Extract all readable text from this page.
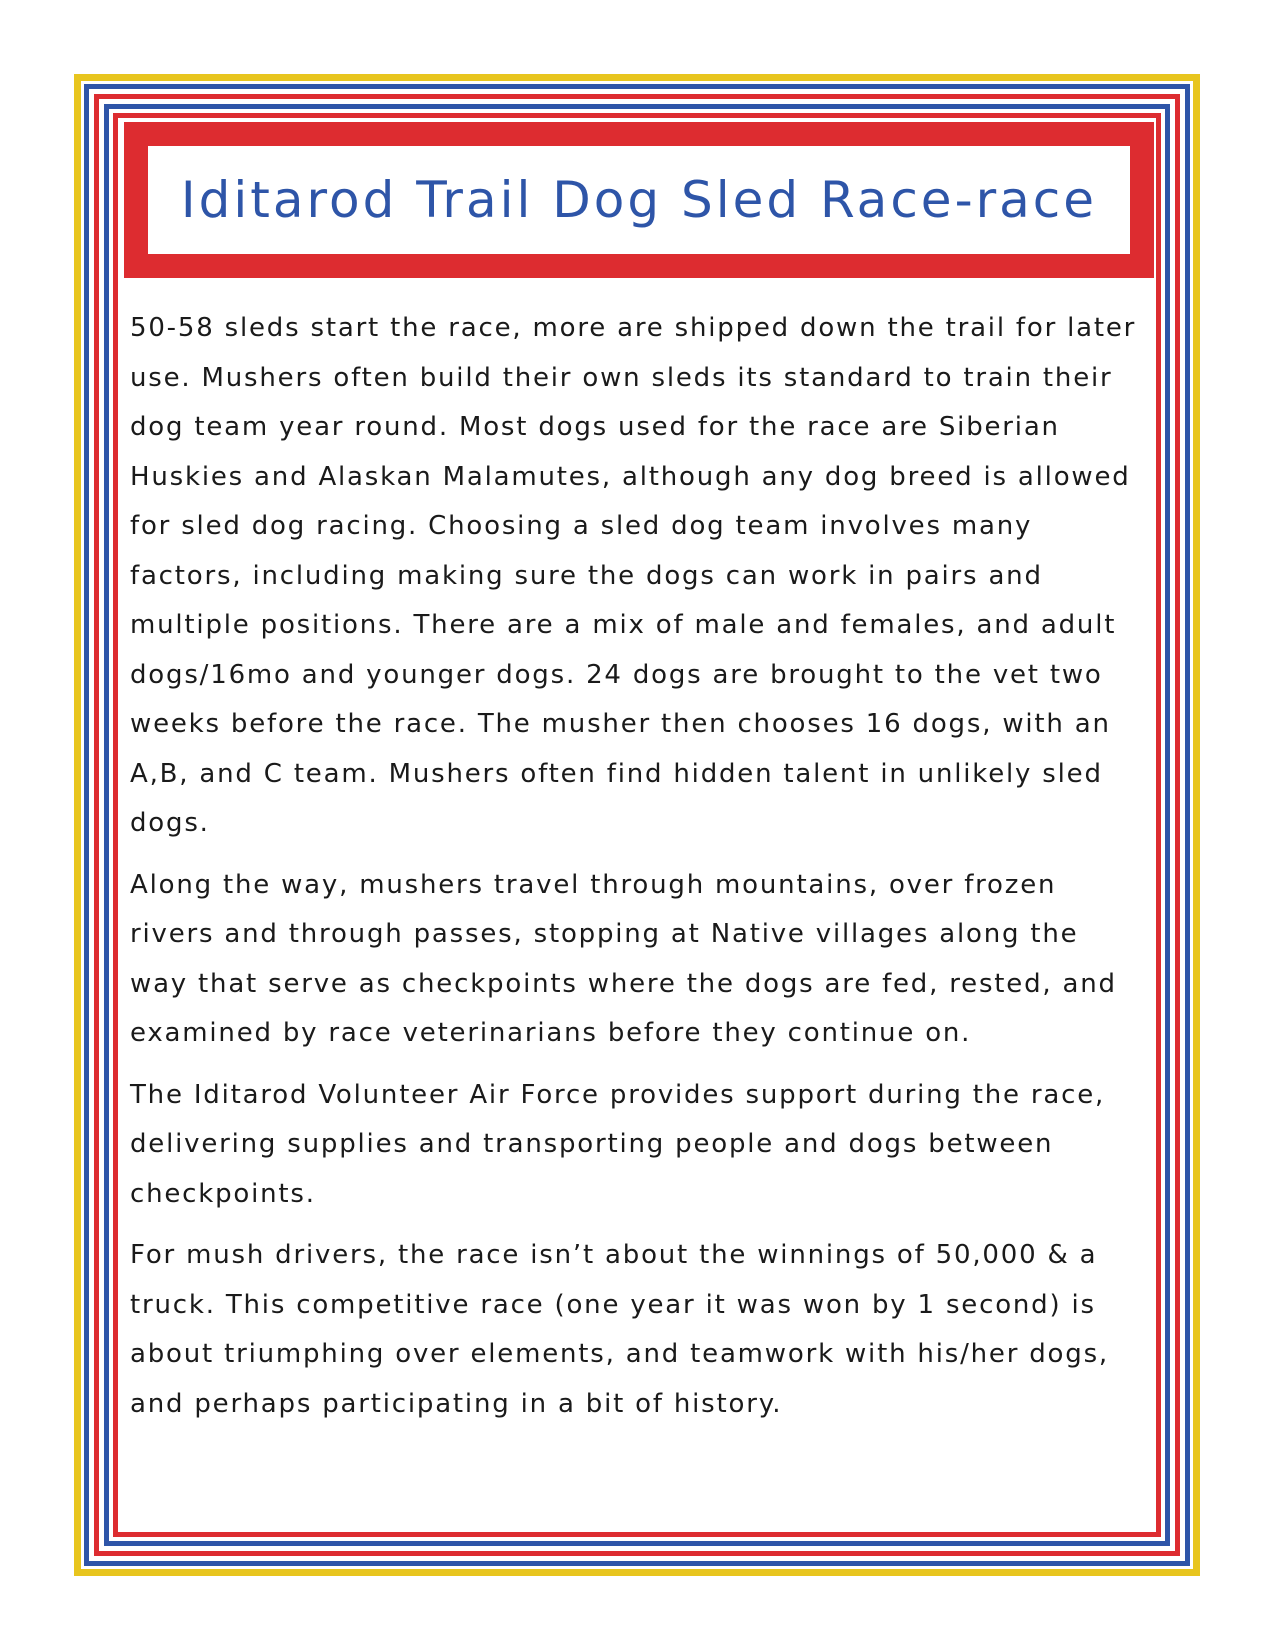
Iditarod Trail Dog Sled Race-race

50-58 sleds start the race, more are shipped down the trail for later use. Mushers often build their own sleds its standard to train their dog team year round. Most dogs used for the race are Siberian Huskies and Alaskan Malamutes, although any dog breed is allowed for sled dog racing. Choosing a sled dog team involves many factors, including making sure the dogs can work in pairs and multiple positions. There are a mix of male and females, and adult dogs/16mo and younger dogs. 24 dogs are brought to the vet two weeks before the race. The musher then chooses 16 dogs, with an A,B, and C team. Mushers often find hidden talent in unlikely sled dogs.

Along the way, mushers travel through mountains, over frozen rivers and through passes, stopping at Native villages along the way that serve as checkpoints where the dogs are fed, rested, and examined by race veterinarians before they continue on.

The Iditarod Volunteer Air Force provides support during the race, delivering supplies and transporting people and dogs between checkpoints.

For mush drivers, the race isn’t about the winnings of 50,000 & a truck. This competitive race (one year it was won by 1 second) is about triumphing over elements, and teamwork with his/her dogs, and perhaps participating in a bit of history.
